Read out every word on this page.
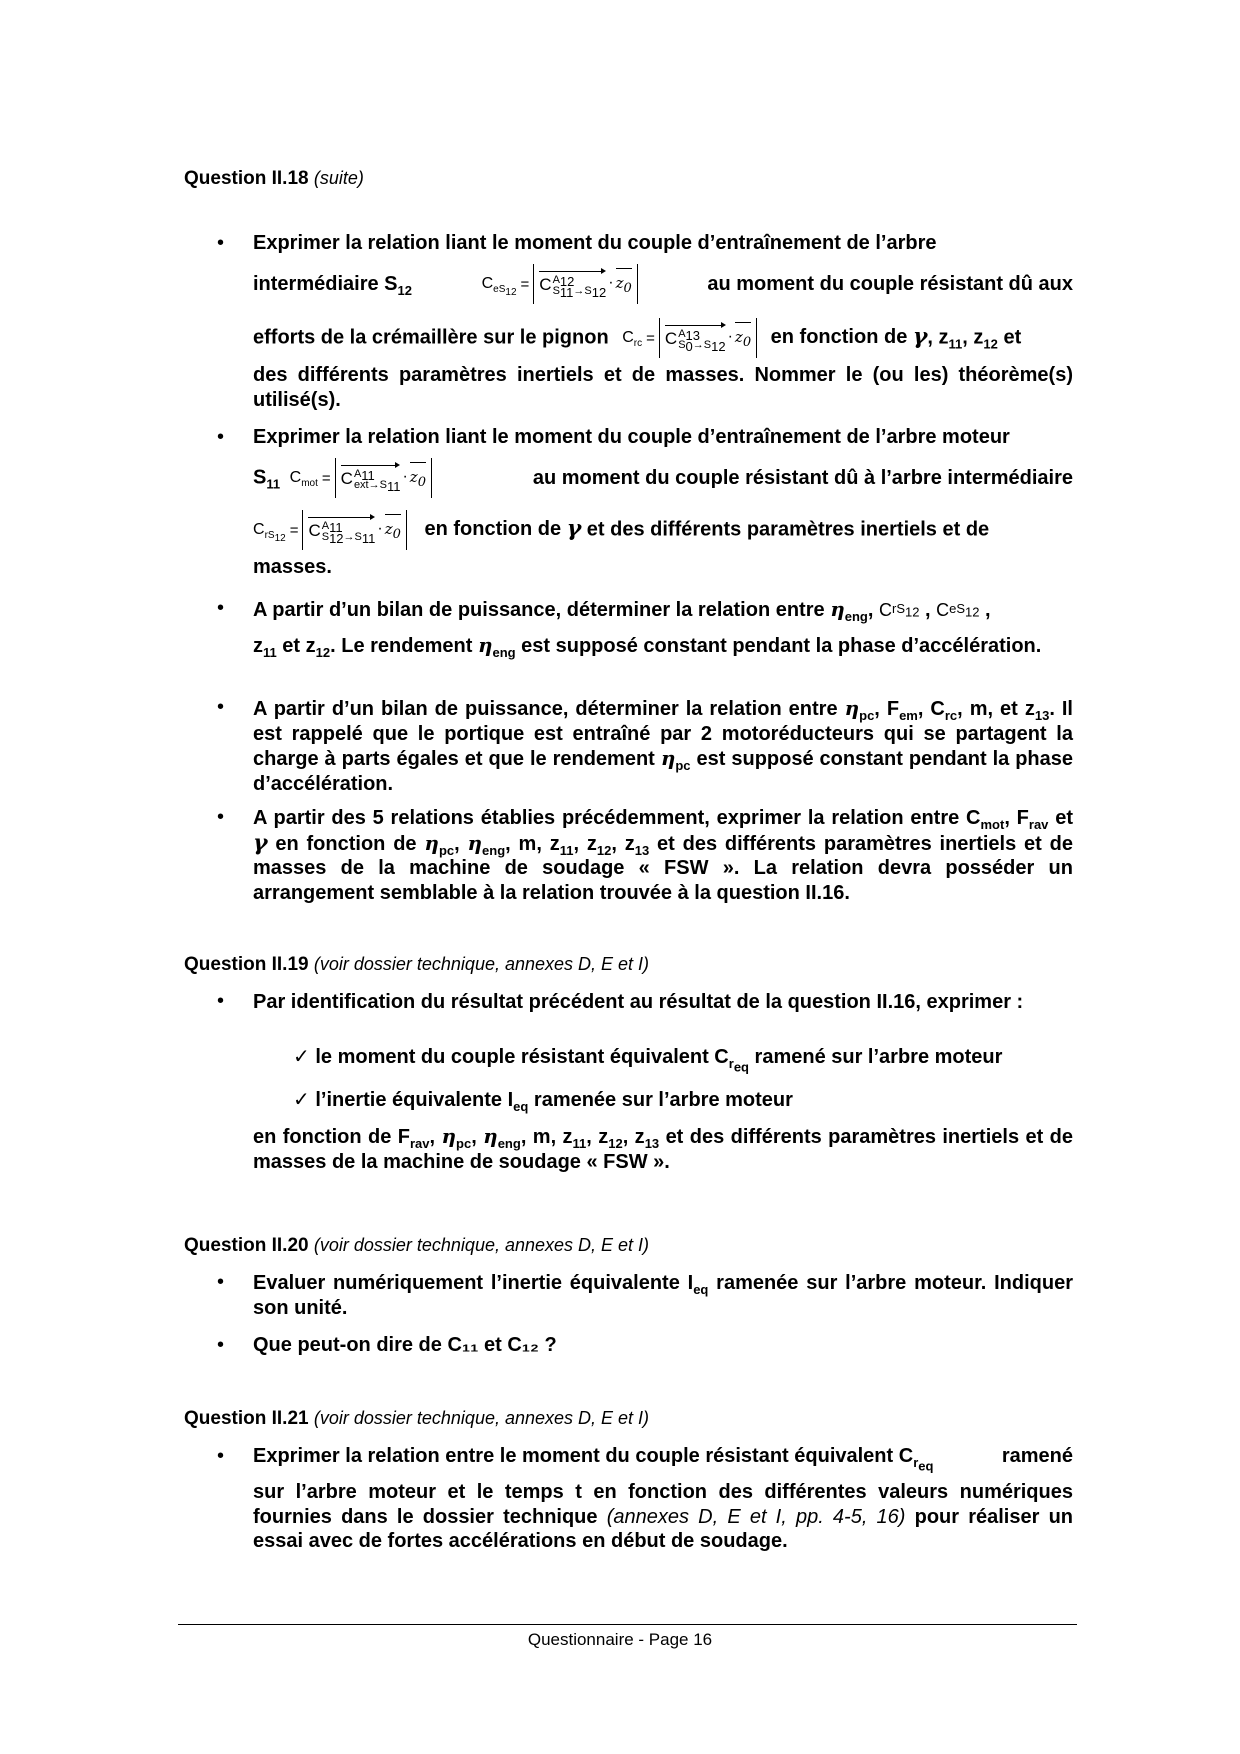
Question II.18 (suite)
• Exprimer la relation liant le moment du couple d’entraînement de l’arbre
intermédiaire $S_{12}$	$C_{eS_{12}}$
= C $A_{12}$
$S_{11}\to S_{12}$
· $z_0$	au moment du couple résistant dû aux
efforts de la crémaillère sur le pignon $C_{rc} = C$ $A_{13}$
$S_0\to S_{12}$
· $z_0$ en fonction de γ, $z_{11}$, $z_{12}$ et
des différents paramètres inertiels et de masses. Nommer le (ou les) théorème(s) utilisé(s).
• Exprimer la relation liant le moment du couple d’entraînement de l’arbre moteur
$S_{11}$ $C_{mot} = C$ $A_{11}$
$ext\to S_{11}$
· $z_0$	au moment du couple résistant dû à l’arbre intermédiaire
$C_{rS_{12}}$
= C $A_{11}$
$S_{12}\to S_{11}$
· $z_0$ en fonction de γ et des différents paramètres inertiels et de
masses.
• A partir d’un bilan de puissance, déterminer la relation entre $\eta_{eng}$, C $rS_{12}$ , C $eS_{12}$ ,
$z_{11}$ et $z_{12}$. Le rendement $\eta_{eng}$ est supposé constant pendant la phase d’accélération.
• A partir d’un bilan de puissance, déterminer la relation entre $\eta_{pc}$, $F_{em}$, $C_{rc}$, m, et $z_{13}$. Il est rappelé que le portique est entraîné par 2 motoréducteurs qui se partagent la charge à parts égales et que le rendement $\eta_{pc}$ est supposé constant pendant la phase d’accélération.
• A partir des 5 relations établies précédemment, exprimer la relation entre $C_{mot}$, $F_{rav}$ et γ en fonction de $\eta_{pc}$, $\eta_{eng}$, m, $z_{11}$, $z_{12}$, $z_{13}$ et des différents paramètres inertiels et de masses de la machine de soudage « FSW ». La relation devra posséder un arrangement semblable à la relation trouvée à la question II.16.
Question II.19 (voir dossier technique, annexes D, E et I)
• Par identification du résultat précédent au résultat de la question II.16, exprimer :
✓ le moment du couple résistant équivalent $C_{r_{eq}}$ ramené sur l’arbre moteur
✓ l’inertie équivalente $I_{eq}$ ramenée sur l’arbre moteur
en fonction de $F_{rav}$, $\eta_{pc}$, $\eta_{eng}$, m, $z_{11}$, $z_{12}$, $z_{13}$ et des différents paramètres inertiels et de masses de la machine de soudage « FSW ».
Question II.20 (voir dossier technique, annexes D, E et I)
• Evaluer numériquement l’inertie équivalente $I_{eq}$ ramenée sur l’arbre moteur. Indiquer son unité.
• Que peut-on dire de C₁₁ et C₁₂ ?
Question II.21 (voir dossier technique, annexes D, E et I)
• Exprimer la relation entre le moment du couple résistant équivalent $C_{r_{eq}}$	ramené
sur l’arbre moteur et le temps t en fonction des différentes valeurs numériques fournies dans le dossier technique (annexes D, E et I, pp. 4-5, 16) pour réaliser un essai avec de fortes accélérations en début de soudage.
Questionnaire - Page 16
